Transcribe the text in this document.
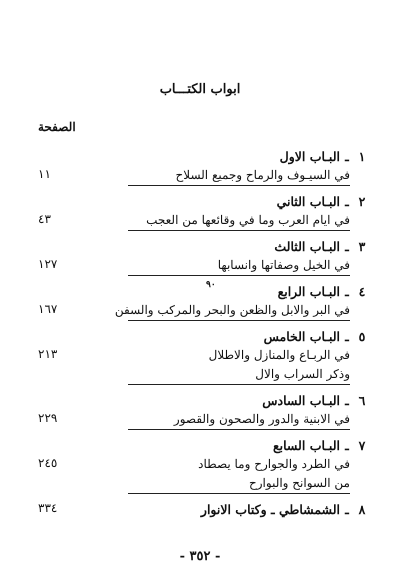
ابواب الكتـــاب
الصفحة
٩٠
١ـالبـاب الاول
في السيـوف والرماح وجميع السلاح
١١
٢ـالبـاب الثاني
في ايام العرب وما في وقائعها من العجب
٤٣
٣ـالبـاب الثالث
في الخيل وصفاتها وانسابها
١٢٧
٤ـالبـاب الرابع
في البر والابل والظعن والبحر والمركب والسفن
١٦٧
٥ـالبـاب الخامس
في الربـاع والمنازل والاطلال
وذكر السراب والال
٢١٣
٦ـالبـاب السادس
في الابنية والدور والصحون والقصور
٢٢٩
٧ـالبـاب السابع
في الطرد والجوارح وما يصطاد
من السوانح والبوارح
٢٤٥
٨ـالشمشاطي ـ وكتاب الانوار
٣٣٤
- ٣٥٢ -
